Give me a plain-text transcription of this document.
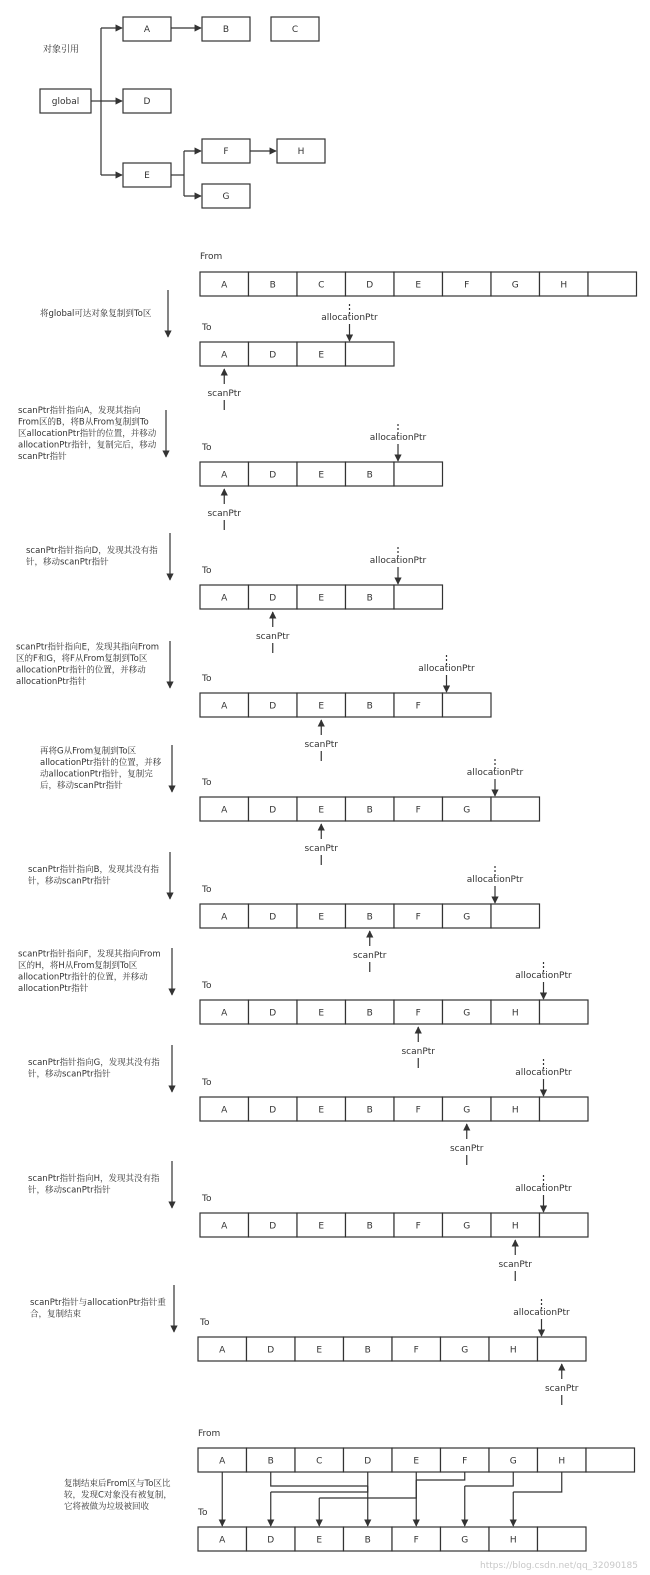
对象引用
global
A	B	C
D
E
F
G
H
From
A	B	C	D	E	F	G	H
将global可达对象复制到To区
To
A	D	E
allocationPtr
scanPtr
scanPtr指针指向A，发现其指向
From区的B，将B从From复制到To
区allocationPtr指针的位置，并移动
allocationPtr指针，复制完后，移动
scanPtr指针
To
A	D	E	B
allocationPtr
scanPtr
scanPtr指针指向D，发现其没有指
针，移动scanPtr指针
To
A	D	E	B
allocationPtr
scanPtr
scanPtr指针指向E，发现其指向From
区的F和G，将F从From复制到To区
allocationPtr指针的位置，并移动
allocationPtr指针	To
A	D	E	B	F
allocationPtr
scanPtr
再将G从From复制到To区
allocationPtr指针的位置，并移
动allocationPtr指针，复制完
后，移动scanPtr指针	To
A	D	E	B	F	G
allocationPtr
scanPtr
scanPtr指针指向B，发现其没有指
针，移动scanPtr指针
To
A	D	E	B	F	G
allocationPtr
scanPtr
scanPtr指针指向F，发现其指向From
区的H，将H从From复制到To区
allocationPtr指针的位置，并移动
allocationPtr指针	To
A	D	E	B	F	G	H
allocationPtr
scanPtr
scanPtr指针指向G，发现其没有指
针，移动scanPtr指针
To
A	D	E	B	F	G	H
allocationPtr
scanPtr
scanPtr指针指向H，发现其没有指
针，移动scanPtr指针
To
A	D	E	B	F	G	H
allocationPtr
scanPtr
scanPtr指针与allocationPtr指针重
合，复制结束
To
A	D	E	B	F	G	H
allocationPtr
scanPtr
From
A	B	C	D	E	F	G	H
To
A	D	E	B	F	G	H
复制结束后From区与To区比
较，发现C对象没有被复制，
它将被做为垃圾被回收
https://blog.csdn.net/qq_32090185
